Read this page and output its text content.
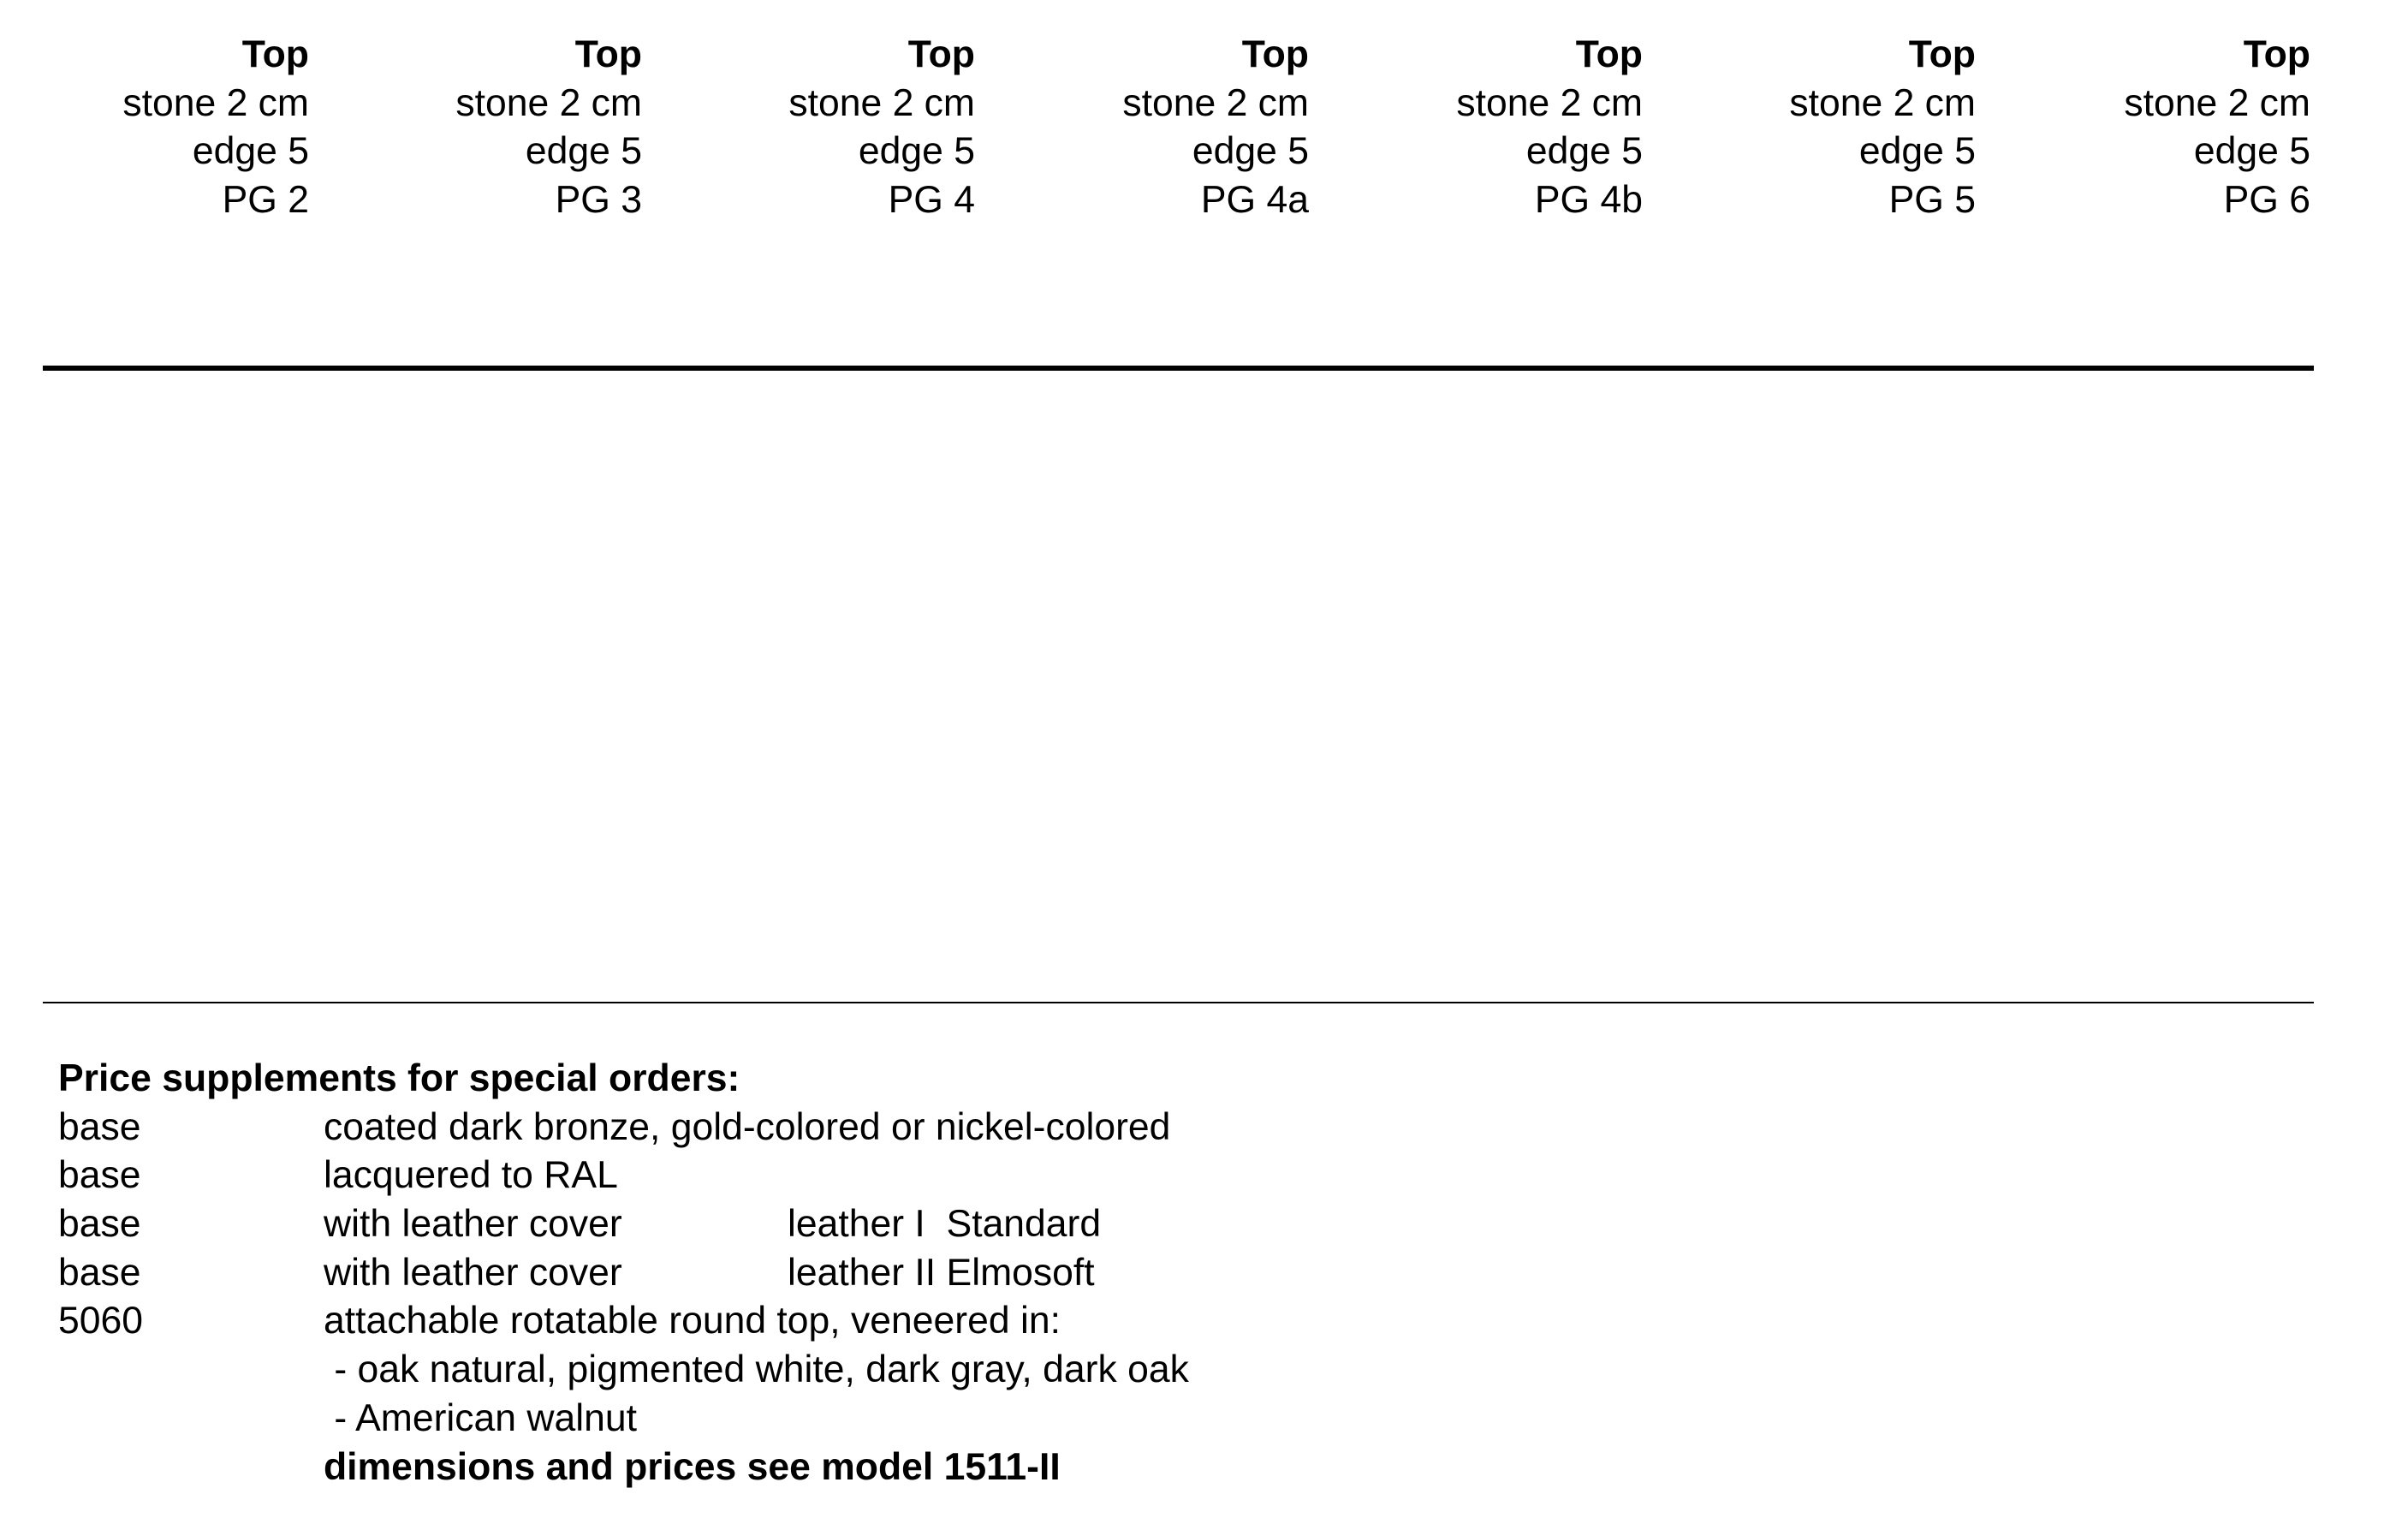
Top
stone 2 cm
edge 5
PG 2
Top
stone 2 cm
edge 5
PG 3
Top
stone 2 cm
edge 5
PG 4
Top
stone 2 cm
edge 5
PG 4a
Top
stone 2 cm
edge 5
PG 4b
Top
stone 2 cm
edge 5
PG 5
Top
stone 2 cm
edge 5
PG 6
Price supplements for special orders:
base	coated dark bronze, gold-colored or nickel-colored
base	lacquered to RAL
base	with leather cover	leather I  Standard
base	with leather cover	leather II Elmosoft
5060	attachable rotatable round top, veneered in:
- oak natural, pigmented white, dark gray, dark oak
- American walnut
dimensions and prices see model 1511-II
